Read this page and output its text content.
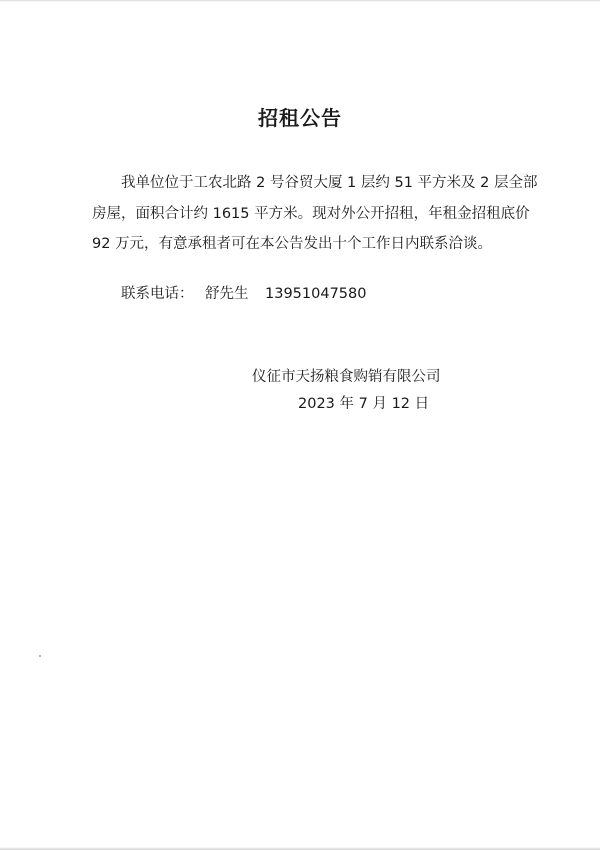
招租公告
我单位位于工农北路 2 号谷贸大厦 1 层约 51 平方米及 2 层全部
房屋，面积合计约 1615 平方米。现对外公开招租，年租金招租底价
92 万元，有意承租者可在本公告发出十个工作日内联系洽谈。
联系电话： 舒先生 13951047580
仪征市天扬粮食购销有限公司
2023 年 7 月 12 日
